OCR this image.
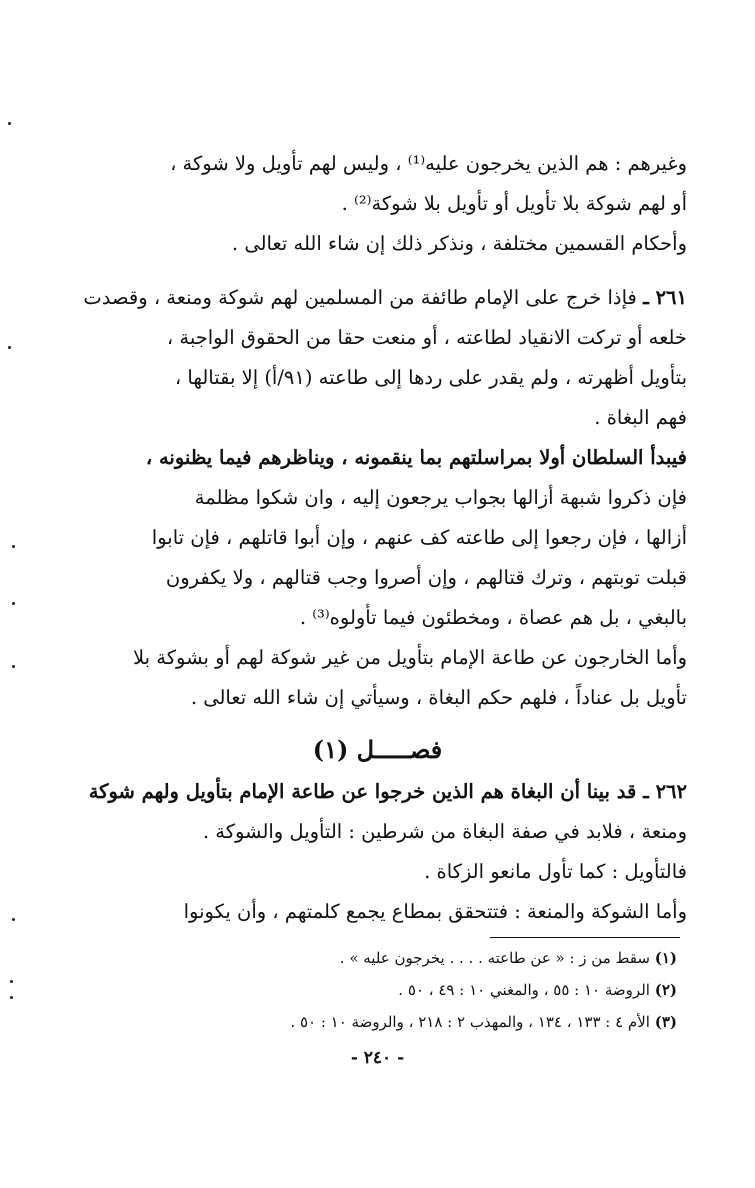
وغيرهم : هم الذين يخرجون عليه⁽¹⁾ ، وليس لهم تأويل ولا شوكة ،
أو لهم شوكة بلا تأويل أو تأويل بلا شوكة⁽²⁾ .
وأحكام القسمين مختلفة ، ونذكر ذلك إن شاء الله تعالى .
٢٦١ ـ فإذا خرج على الإمام طائفة من المسلمين لهم شوكة ومنعة ، وقصدت
خلعه أو تركت الانقياد لطاعته ، أو منعت حقا من الحقوق الواجبة ،
بتأويل أظهرته ، ولم يقدر على ردها إلى طاعته (٩١/أ) إلا بقتالها ،
فهم البغاة .
فيبدأ السلطان أولا بمراسلتهم بما ينقمونه ، ويناظرهم فيما يظنونه ،
فإن ذكروا شبهة أزالها بجواب يرجعون إليه ، وان شكوا مظلمة
أزالها ، فإن رجعوا إلى طاعته كف عنهم ، وإن أبوا قاتلهم ، فإن تابوا
قبلت توبتهم ، وترك قتالهم ، وإن أصروا وجب قتالهم ، ولا يكفرون
بالبغي ، بل هم عصاة ، ومخطئون فيما تأولوه⁽³⁾ .
وأما الخارجون عن طاعة الإمام بتأويل من غير شوكة لهم أو بشوكة بلا
تأويل بل عناداً ، فلهم حكم البغاة ، وسيأتي إن شاء الله تعالى .
فصـــــل (١)
٢٦٢ ـ قد بينا أن البغاة هم الذين خرجوا عن طاعة الإمام بتأويل ولهم شوكة
ومنعة ، فلابد في صفة البغاة من شرطين : التأويل والشوكة .
فالتأويل : كما تأول مانعو الزكاة .
وأما الشوكة والمنعة : فتتحقق بمطاع يجمع كلمتهم ، وأن يكونوا
(١) سقط من ز : « عن طاعته . . . . يخرجون عليه » .
(٢) الروضة ١٠ : ٥٥ ، والمغني ١٠ : ٤٩ ، ٥٠ .
(٣) الأم ٤ : ١٣٣ ، ١٣٤ ، والمهذب ٢ : ٢١٨ ، والروضة ١٠ : ٥٠ .
- ٢٤٠ -
